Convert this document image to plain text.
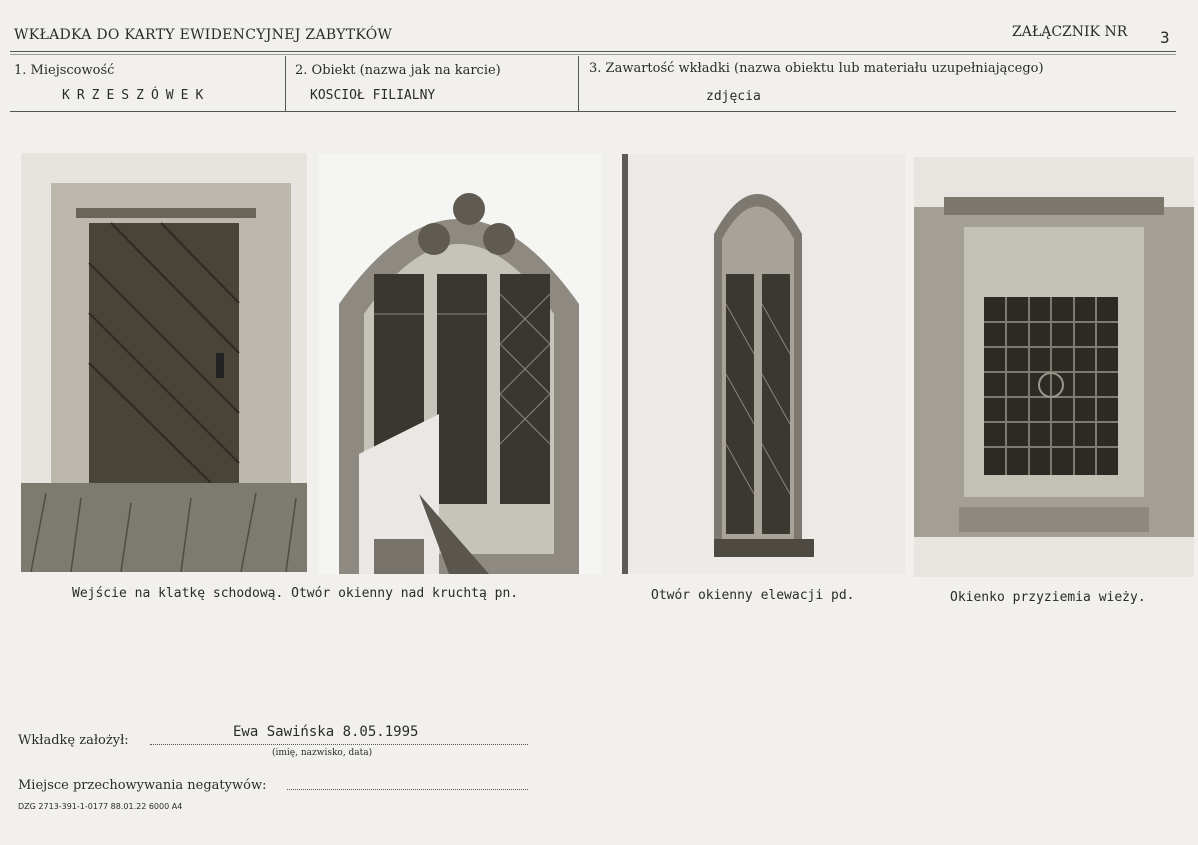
WKŁADKA DO KARTY EWIDENCYJNEJ ZABYTKÓW	ZAŁĄCZNIK NR 3
1. Miejscowość
KRZESZÓWEK
2. Obiekt (nazwa jak na karcie)
KOSCIOŁ FILIALNY
3. Zawartość wkładki (nazwa obiektu lub materiału uzupełniającego)
zdjęcia
Wejście na klatkę schodową. Otwór okienny nad kruchtą pn.	Otwór okienny elewacji pd.	Okienko przyziemia wieży.
Wkładkę założył:
Ewa Sawińska 8.05.1995
(imię, nazwisko, data)
Miejsce przechowywania negatywów:
DZG 2713-391-1-0177 88.01.22 6000 A4
